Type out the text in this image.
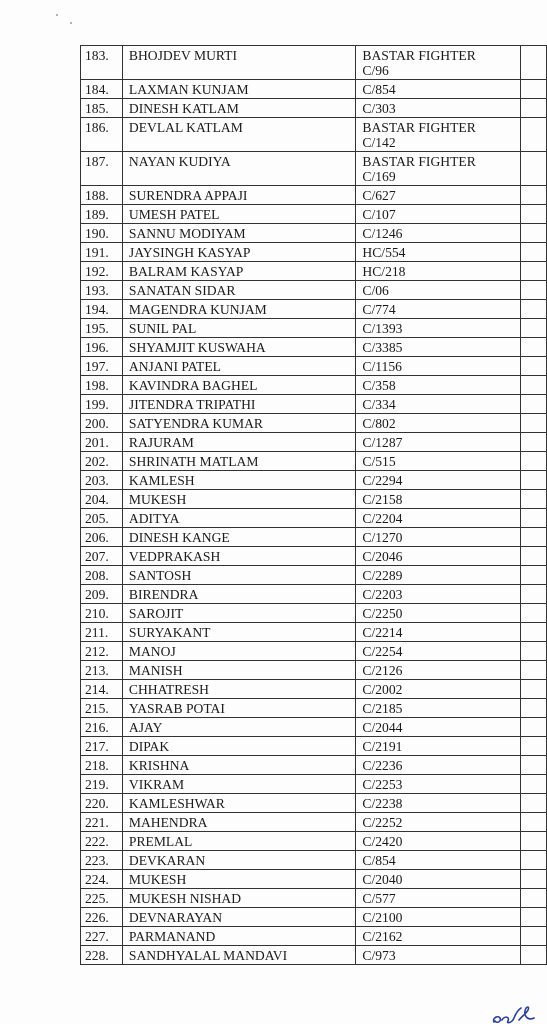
183.	BHOJDEV MURTI	BASTAR FIGHTER
C/96	

184.	LAXMAN KUNJAM	C/854	

185.	DINESH KATLAM	C/303	

186.	DEVLAL KATLAM	BASTAR FIGHTER
C/142	

187.	NAYAN KUDIYA	BASTAR FIGHTER
C/169	

188.	SURENDRA APPAJI	C/627	

189.	UMESH PATEL	C/107	

190.	SANNU MODIYAM	C/1246	

191.	JAYSINGH KASYAP	HC/554	

192.	BALRAM KASYAP	HC/218	

193.	SANATAN SIDAR	C/06	

194.	MAGENDRA KUNJAM	C/774	

195.	SUNIL PAL	C/1393	

196.	SHYAMJIT KUSWAHA	C/3385	

197.	ANJANI PATEL	C/1156	

198.	KAVINDRA BAGHEL	C/358	

199.	JITENDRA TRIPATHI	C/334	

200.	SATYENDRA KUMAR	C/802	

201.	RAJURAM	C/1287	

202.	SHRINATH MATLAM	C/515	

203.	KAMLESH	C/2294	

204.	MUKESH	C/2158	

205.	ADITYA	C/2204	

206.	DINESH KANGE	C/1270	

207.	VEDPRAKASH	C/2046	

208.	SANTOSH	C/2289	

209.	BIRENDRA	C/2203	

210.	SAROJIT	C/2250	

211.	SURYAKANT	C/2214	

212.	MANOJ	C/2254	

213.	MANISH	C/2126	

214.	CHHATRESH	C/2002	

215.	YASRAB POTAI	C/2185	

216.	AJAY	C/2044	

217.	DIPAK	C/2191	

218.	KRISHNA	C/2236	

219.	VIKRAM	C/2253	

220.	KAMLESHWAR	C/2238	

221.	MAHENDRA	C/2252	

222.	PREMLAL	C/2420	

223.	DEVKARAN	C/854	

224.	MUKESH	C/2040	

225.	MUKESH NISHAD	C/577	

226.	DEVNARAYAN	C/2100	

227.	PARMANAND	C/2162	

228.	SANDHYALAL MANDAVI	C/973	
